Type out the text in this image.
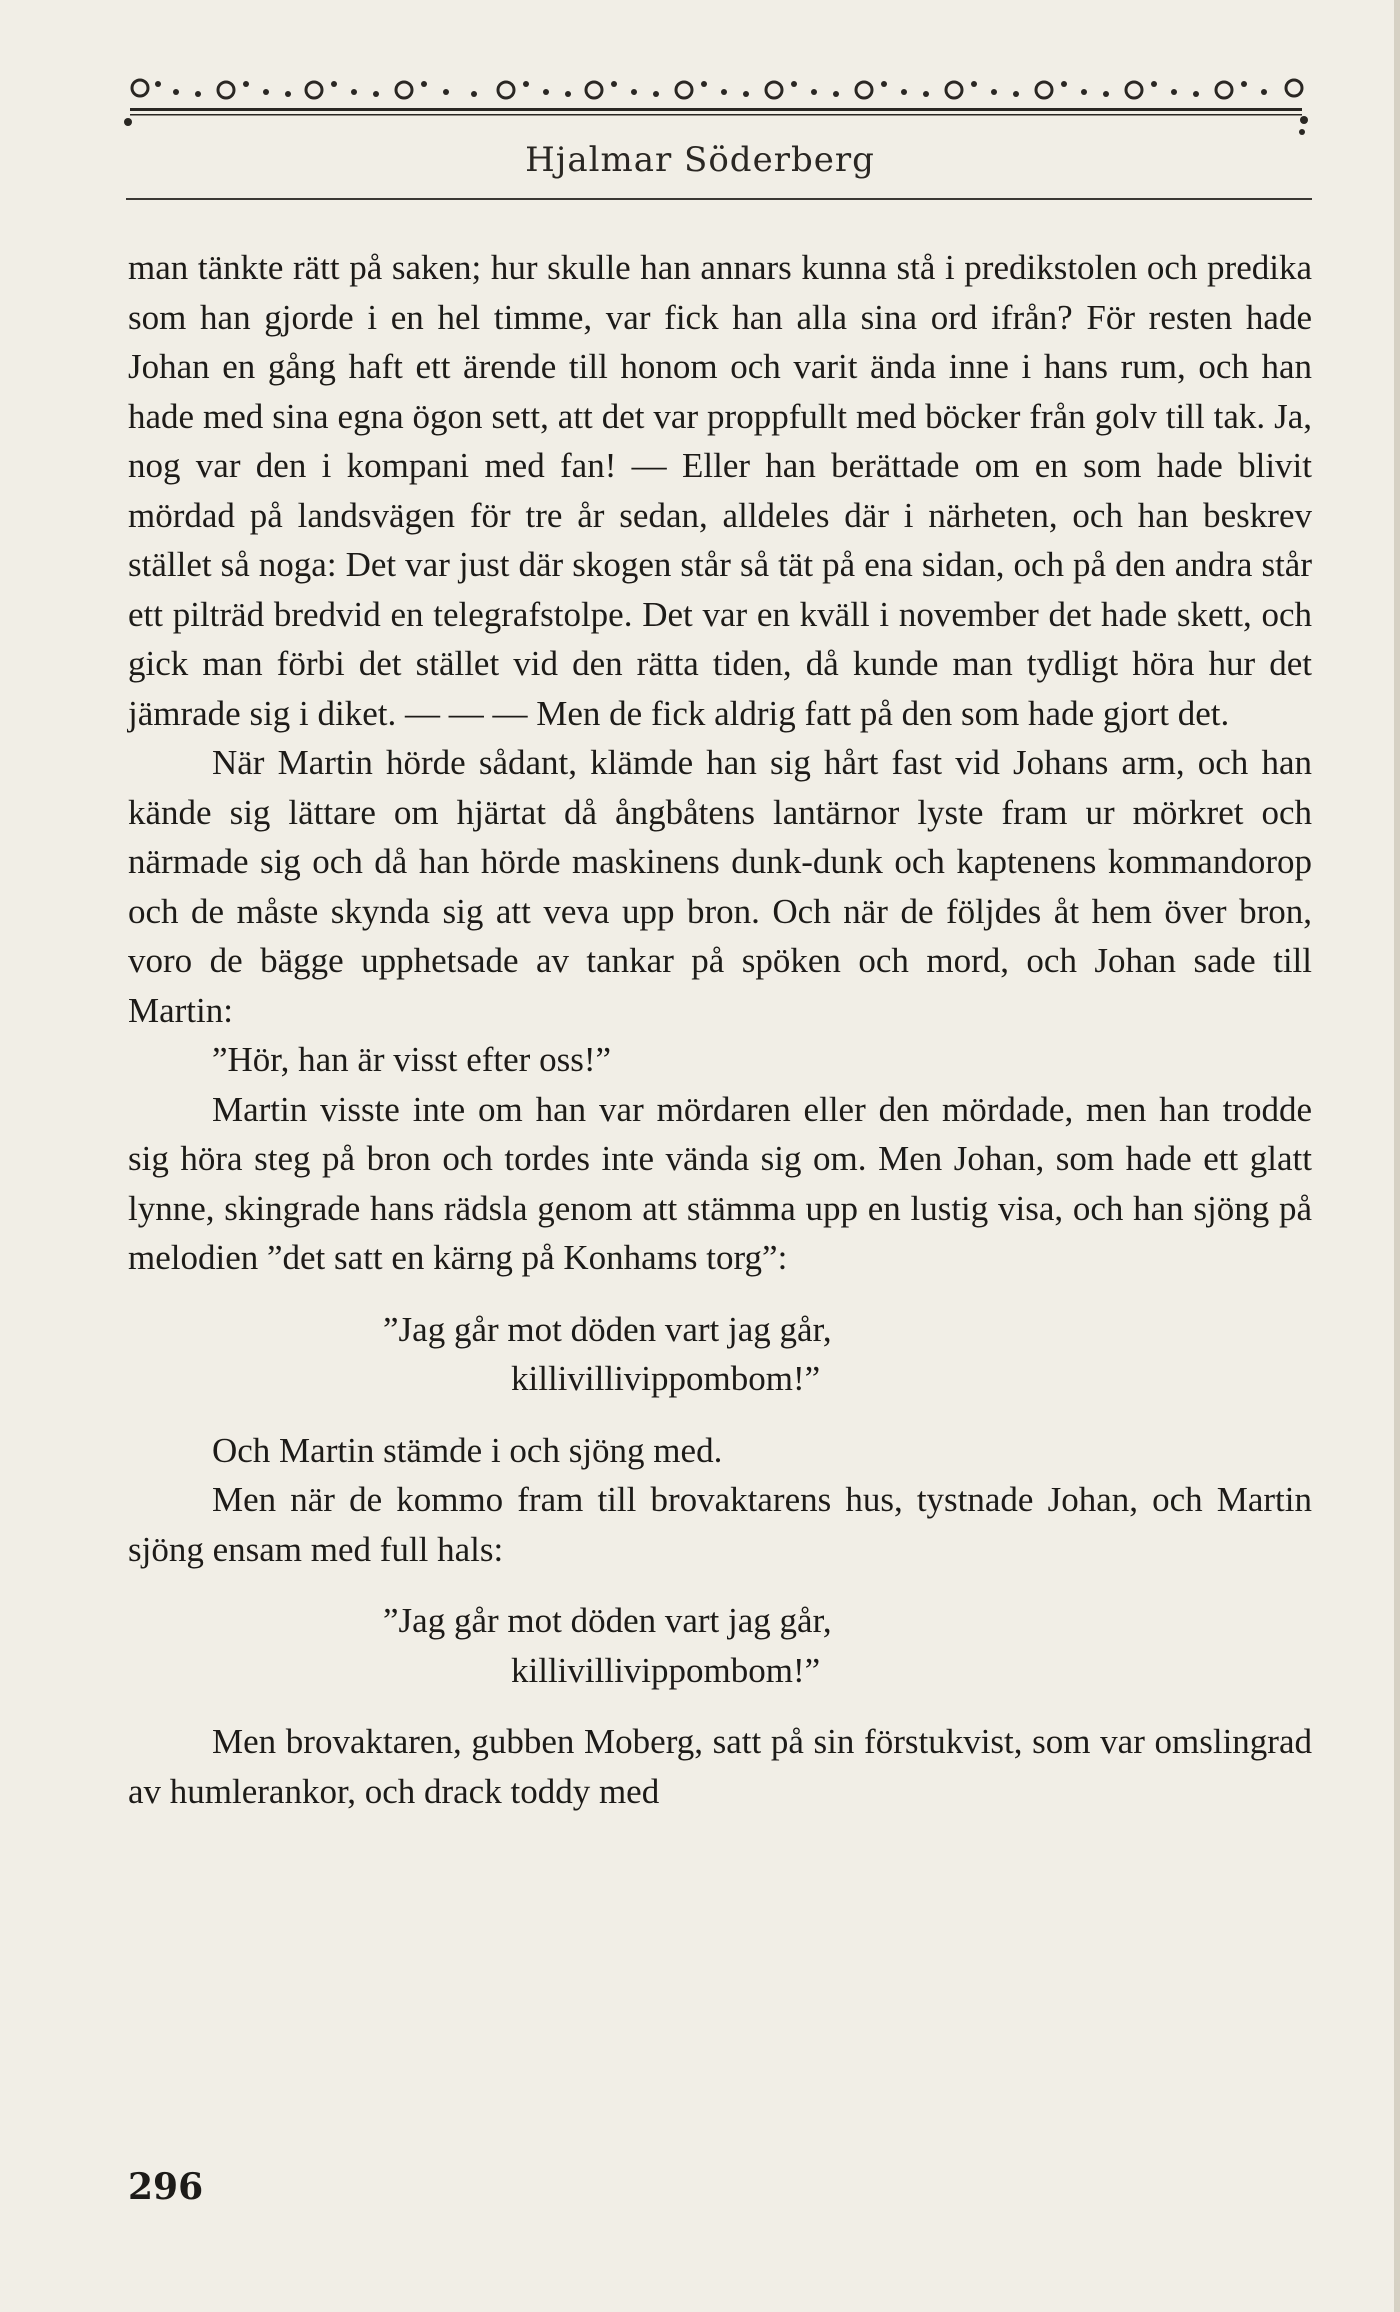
Hjalmar Söderberg

man tänkte rätt på saken; hur skulle han annars kunna stå i predikstolen och predika som han gjorde i en hel timme, var fick han alla sina ord ifrån? För resten hade Johan en gång haft ett ärende till honom och varit ända inne i hans rum, och han hade med sina egna ögon sett, att det var proppfullt med böcker från golv till tak. Ja, nog var den i kompani med fan! — Eller han berättade om en som hade blivit mördad på landsvägen för tre år sedan, alldeles där i närheten, och han beskrev stället så noga: Det var just där skogen står så tät på ena sidan, och på den andra står ett pilträd bredvid en telegrafstolpe. Det var en kväll i november det hade skett, och gick man förbi det stället vid den rätta tiden, då kunde man tydligt höra hur det jämrade sig i diket. — — — Men de fick aldrig fatt på den som hade gjort det.

När Martin hörde sådant, klämde han sig hårt fast vid Johans arm, och han kände sig lättare om hjärtat då ångbåtens lantärnor lyste fram ur mörkret och närmade sig och då han hörde maskinens dunk-dunk och kaptenens kommandorop och de måste skynda sig att veva upp bron. Och när de följdes åt hem över bron, voro de bägge upphetsade av tankar på spöken och mord, och Johan sade till Martin:

”Hör, han är visst efter oss!”

Martin visste inte om han var mördaren eller den mördade, men han trodde sig höra steg på bron och tordes inte vända sig om. Men Johan, som hade ett glatt lynne, skingrade hans rädsla genom att stämma upp en lustig visa, och han sjöng på melodien ”det satt en kärng på Konhams torg”:

”Jag går mot döden vart jag går,
killivillivippombom!”

Och Martin stämde i och sjöng med.

Men när de kommo fram till brovaktarens hus, tystnade Johan, och Martin sjöng ensam med full hals:

”Jag går mot döden vart jag går,
killivillivippombom!”

Men brovaktaren, gubben Moberg, satt på sin förstukvist, som var omslingrad av humlerankor, och drack toddy med

296
